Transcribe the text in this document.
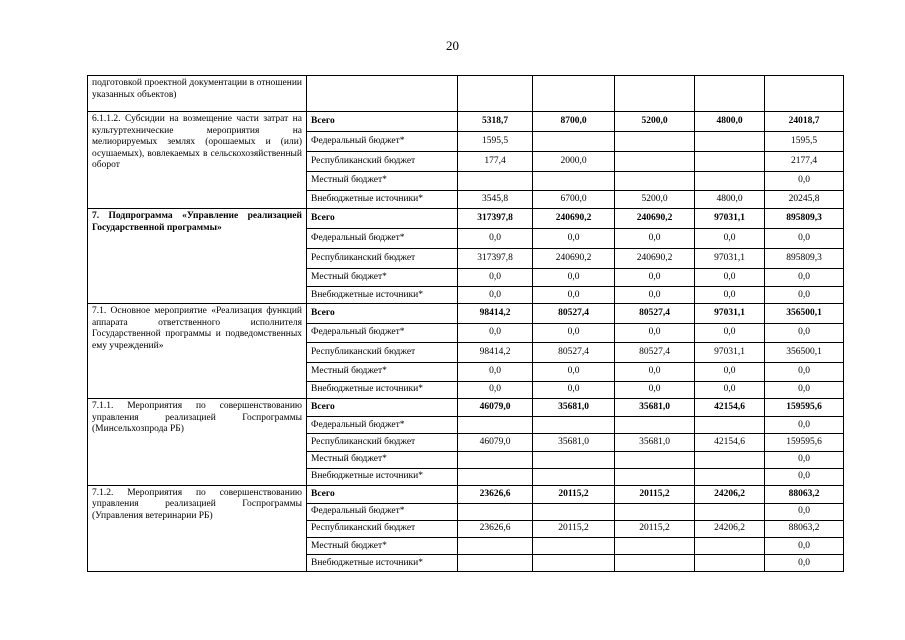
20
подготовкой проектной документации в отношении указанных объектов)						
6.1.1.2. Субсидии на возмещение части затрат на культуртехнические мероприятия на мелиорируемых землях (орошаемых и (или) осушаемых), вовлекаемых в сельскохозяйственный оборот	Всего	5318,7	8700,0	5200,0	4800,0	24018,7
	Федеральный бюджет*	1595,5				1595,5
	Республиканский бюджет	177,4	2000,0			2177,4
	Местный бюджет*					0,0
	Внебюджетные источники*	3545,8	6700,0	5200,0	4800,0	20245,8
7. Подпрограмма «Управление реализацией Государственной программы»	Всего	317397,8	240690,2	240690,2	97031,1	895809,3
	Федеральный бюджет*	0,0	0,0	0,0	0,0	0,0
	Республиканский бюджет	317397,8	240690,2	240690,2	97031,1	895809,3
	Местный бюджет*	0,0	0,0	0,0	0,0	0,0
	Внебюджетные источники*	0,0	0,0	0,0	0,0	0,0
7.1. Основное мероприятие «Реализация функций аппарата ответственного исполнителя Государственной программы и подведомственных ему учреждений»	Всего	98414,2	80527,4	80527,4	97031,1	356500,1
	Федеральный бюджет*	0,0	0,0	0,0	0,0	0,0
	Республиканский бюджет	98414,2	80527,4	80527,4	97031,1	356500,1
	Местный бюджет*	0,0	0,0	0,0	0,0	0,0
	Внебюджетные источники*	0,0	0,0	0,0	0,0	0,0
7.1.1. Мероприятия по совершенствованию управления реализацией Госпрограммы (Минсельхозпрода РБ)	Всего	46079,0	35681,0	35681,0	42154,6	159595,6
	Федеральный бюджет*					0,0
	Республиканский бюджет	46079,0	35681,0	35681,0	42154,6	159595,6
	Местный бюджет*					0,0
	Внебюджетные источники*					0,0
7.1.2. Мероприятия по совершенствованию управления реализацией Госпрограммы (Управления ветеринарии РБ)	Всего	23626,6	20115,2	20115,2	24206,2	88063,2
	Федеральный бюджет*					0,0
	Республиканский бюджет	23626,6	20115,2	20115,2	24206,2	88063,2
	Местный бюджет*					0,0
	Внебюджетные источники*					0,0
